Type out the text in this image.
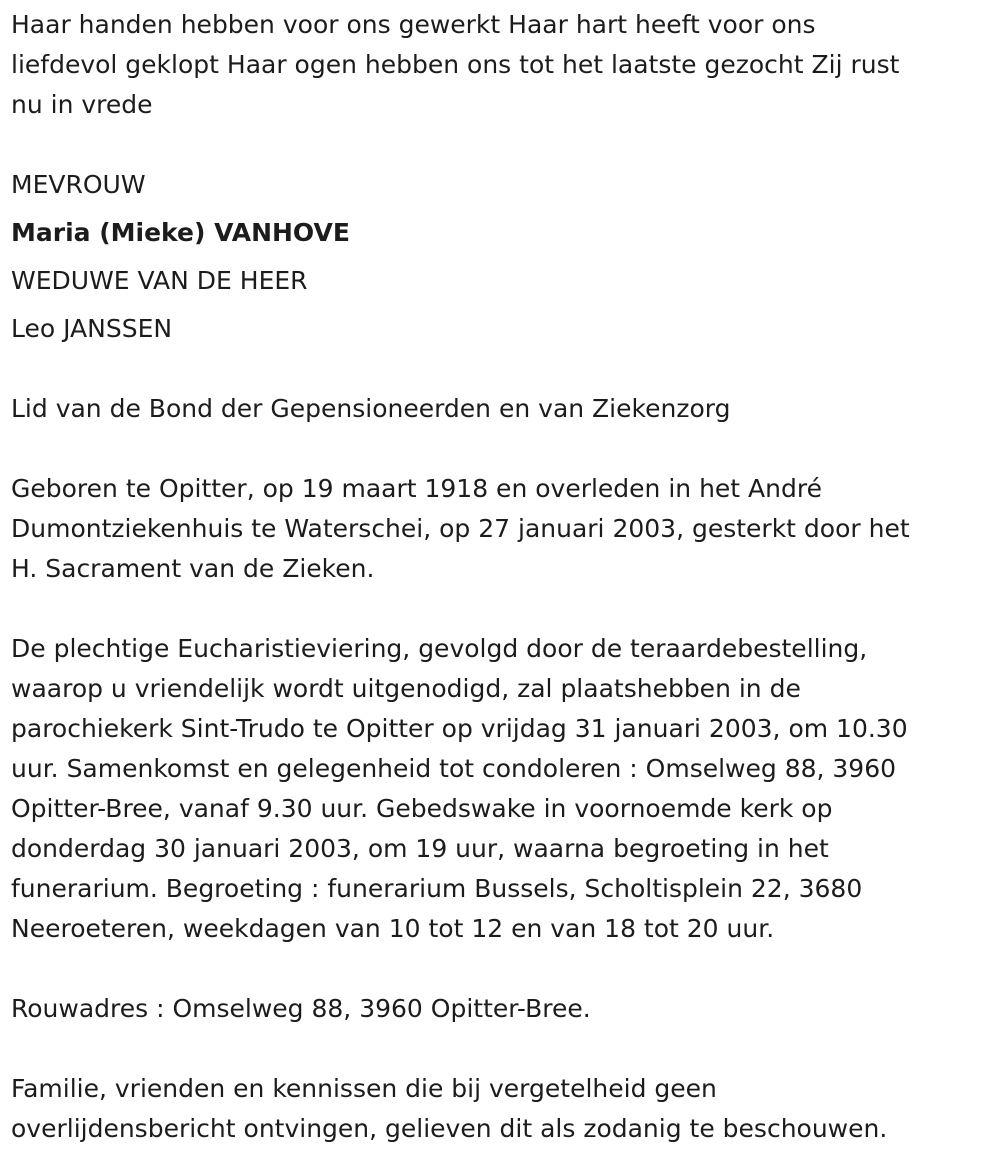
Haar handen hebben voor ons gewerkt Haar hart heeft voor ons

liefdevol geklopt Haar ogen hebben ons tot het laatste gezocht Zij rust

nu in vrede

MEVROUW

Maria (Mieke) VANHOVE

WEDUWE VAN DE HEER

Leo JANSSEN

Lid van de Bond der Gepensioneerden en van Ziekenzorg

Geboren te Opitter, op 19 maart 1918 en overleden in het André

Dumontziekenhuis te Waterschei, op 27 januari 2003, gesterkt door het

H. Sacrament van de Zieken.

De plechtige Eucharistieviering, gevolgd door de teraardebestelling,

waarop u vriendelijk wordt uitgenodigd, zal plaatshebben in de

parochiekerk Sint-Trudo te Opitter op vrijdag 31 januari 2003, om 10.30

uur. Samenkomst en gelegenheid tot condoleren : Omselweg 88, 3960

Opitter-Bree, vanaf 9.30 uur. Gebedswake in voornoemde kerk op

donderdag 30 januari 2003, om 19 uur, waarna begroeting in het

funerarium. Begroeting : funerarium Bussels, Scholtisplein 22, 3680

Neeroeteren, weekdagen van 10 tot 12 en van 18 tot 20 uur.

Rouwadres : Omselweg 88, 3960 Opitter-Bree.

Familie, vrienden en kennissen die bij vergetelheid geen

overlijdensbericht ontvingen, gelieven dit als zodanig te beschouwen.
